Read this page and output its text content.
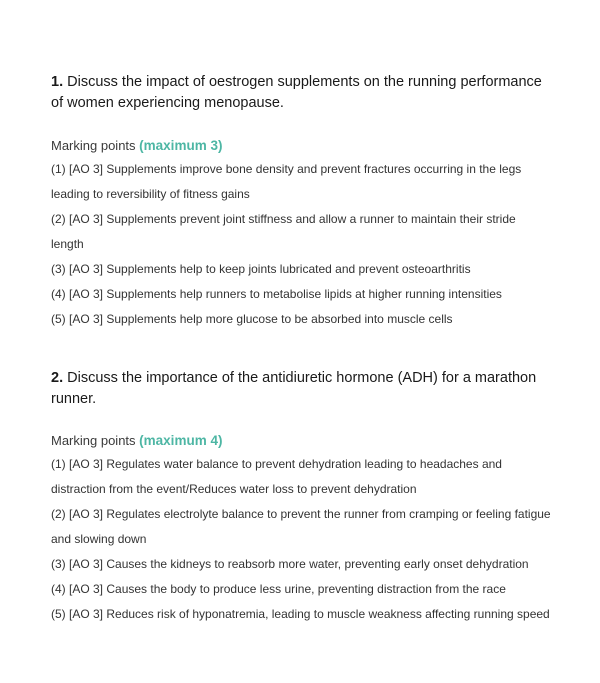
1. Discuss the impact of oestrogen supplements on the running performance of women experiencing menopause.
Marking points (maximum 3)
(1) [AO 3] Supplements improve bone density and prevent fractures occurring in the legs leading to reversibility of fitness gains
(2) [AO 3] Supplements prevent joint stiffness and allow a runner to maintain their stride length
(3) [AO 3] Supplements help to keep joints lubricated and prevent osteoarthritis
(4) [AO 3] Supplements help runners to metabolise lipids at higher running intensities
(5) [AO 3] Supplements help more glucose to be absorbed into muscle cells
2. Discuss the importance of the antidiuretic hormone (ADH) for a marathon runner.
Marking points (maximum 4)
(1) [AO 3] Regulates water balance to prevent dehydration leading to headaches and distraction from the event/Reduces water loss to prevent dehydration
(2) [AO 3] Regulates electrolyte balance to prevent the runner from cramping or feeling fatigue and slowing down
(3) [AO 3] Causes the kidneys to reabsorb more water, preventing early onset dehydration
(4) [AO 3] Causes the body to produce less urine, preventing distraction from the race
(5) [AO 3] Reduces risk of hyponatremia, leading to muscle weakness affecting running speed
